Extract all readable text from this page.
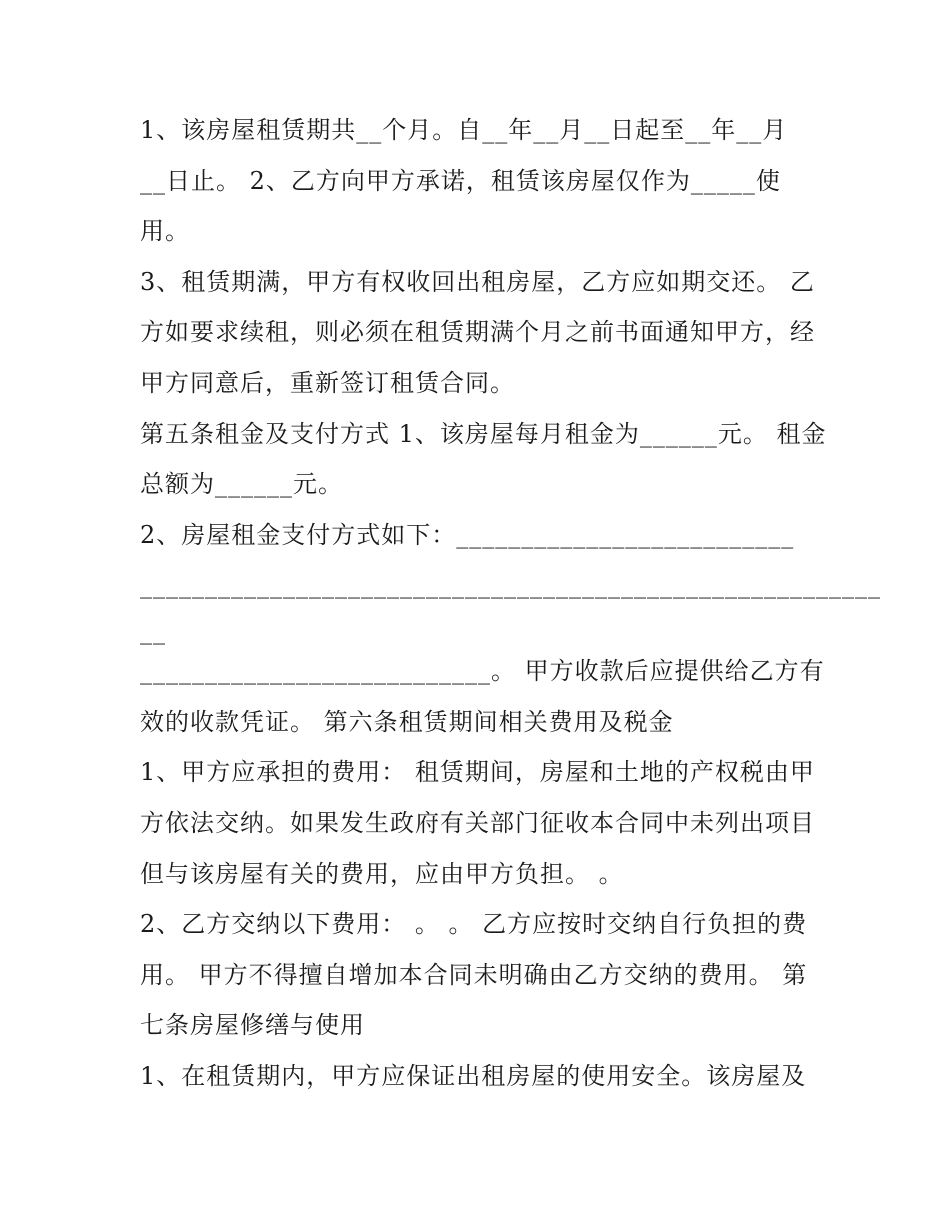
1、该房屋租赁期共__个月。自__年__月__日起至__年__月
__日止。 2、乙方向甲方承诺，租赁该房屋仅作为_____使
用。
3、租赁期满，甲方有权收回出租房屋，乙方应如期交还。 乙
方如要求续租，则必须在租赁期满个月之前书面通知甲方，经
甲方同意后，重新签订租赁合同。
第五条租金及支付方式 1、该房屋每月租金为______元。 租金
总额为______元。
2、房屋租金支付方式如下：__________________________
_________________________________________________________
__
___________________________。 甲方收款后应提供给乙方有
效的收款凭证。 第六条租赁期间相关费用及税金
1、甲方应承担的费用： 租赁期间，房屋和土地的产权税由甲
方依法交纳。如果发生政府有关部门征收本合同中未列出项目
但与该房屋有关的费用，应由甲方负担。 。
2、乙方交纳以下费用： 。 。 乙方应按时交纳自行负担的费
用。 甲方不得擅自增加本合同未明确由乙方交纳的费用。 第
七条房屋修缮与使用
1、在租赁期内，甲方应保证出租房屋的使用安全。该房屋及
